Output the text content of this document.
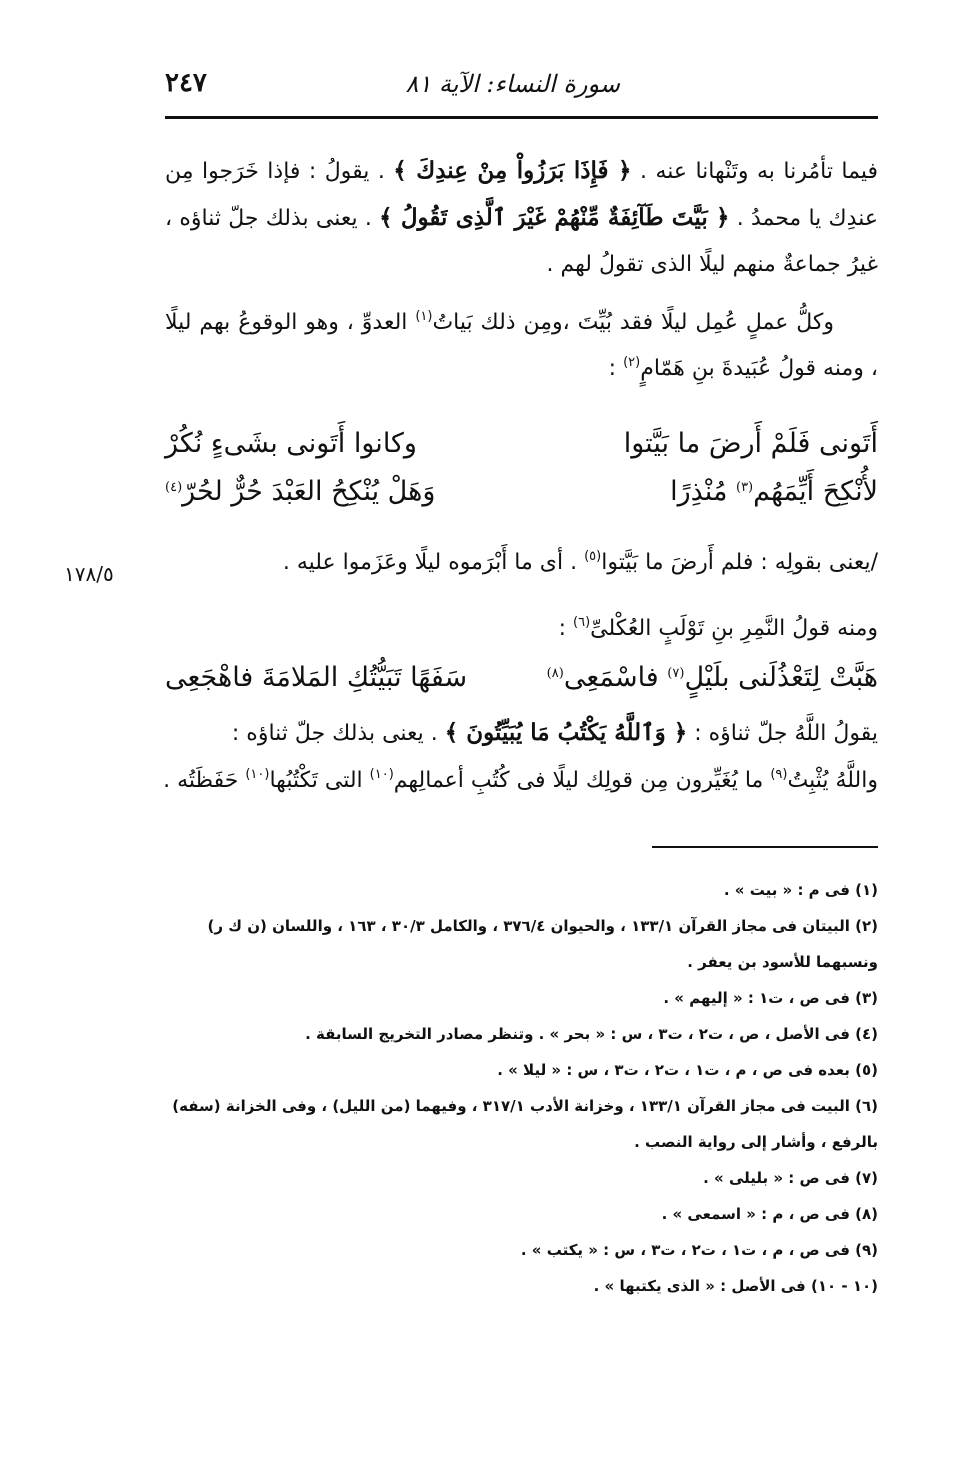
سورة النساء: الآية ٨١
٢٤٧

فيما تأمُرنا به وتَنْهانا عنه . ﴿ فَإِذَا بَرَزُواْ مِنْ عِندِكَ ﴾ . يقولُ : فإذا خَرَجوا مِن عندِك يا محمدُ . ﴿ بَيَّتَ طَآئِفَةٌ مِّنْهُمْ غَيْرَ ٱلَّذِى تَقُولُ ﴾ . يعنى بذلك جلّ ثناؤه ، غيرُ جماعةٌ منهم ليلًا الذى تقولُ لهم .

وكلُّ عملٍ عُمِل ليلًا فقد بُيِّتَ ،ومِن ذلك بَياتُ$^{(١)}$ العدوِّ ، وهو الوقوعُ بهم ليلًا ، ومنه قولُ عُبَيدةَ بنِ هَمّامٍ$^{(٢)}$ :

أَتَونى فَلَمْ أَرضَ ما بَيَّتوا
وكانوا أَتَونى بشَىءٍ نُكُرْ
لأُنْكِحَ أَيِّمَهُم$^{(٣)}$ مُنْذِرًا
وَهَلْ يُنْكِحُ العَبْدَ حُرٌّ لحُرّ$^{(٤)}$
/يعنى بقولِه : فلم أَرضَ ما بَيَّتوا$^{(٥)}$ . أى ما أَبْرَموه ليلًا وعَزَموا عليه .
١٧٨/٥
ومنه قولُ النَّمِرِ بنِ تَوْلَبٍ العُكْلىِّ$^{(٦)}$ :
هَبَّتْ لِتَعْذُلَنى بلَيْلٍ$^{(٧)}$ فاسْمَعِى$^{(٨)}$
سَفَهًا تَبَيُّتُكِ المَلامَةَ فاهْجَعِى
يقولُ اللَّهُ جلّ ثناؤه : ﴿ وَٱللَّهُ يَكْتُبُ مَا يُبَيِّتُونَ ﴾ . يعنى بذلك جلّ ثناؤه :
واللَّهُ يُثْبِتُ$^{(٩)}$ ما يُغَيِّرون مِن قولِك ليلًا فى كُتُبِ أعمالِهم$^{(١٠)}$ التى تَكْتُبُها$^{(١٠)}$ حَفَظَتُه .

(١) فى م : « بيت » .

(٢) البيتان فى مجاز القرآن ١٣٣/١ ، والحيوان ٣٧٦/٤ ، والكامل ٣٠/٣ ، ١٦٣ ، واللسان (ن ك ر) ونسبهما للأسود بن يعفر .

(٣) فى ص ، ت١ : « إليهم » .

(٤) فى الأصل ، ص ، ت٢ ، ت٣ ، س : « بحر » . وتنظر مصادر التخريج السابقة .

(٥) بعده فى ص ، م ، ت١ ، ت٢ ، ت٣ ، س : « ليلا » .

(٦) البيت فى مجاز القرآن ١٣٣/١ ، وخزانة الأدب ٣١٧/١ ، وفيهما (من الليل) ، وفى الخزانة (سفه) بالرفع ، وأشار إلى رواية النصب .

(٧) فى ص : « بليلى » .

(٨) فى ص ، م : « اسمعى » .

(٩) فى ص ، م ، ت١ ، ت٢ ، ت٣ ، س : « يكتب » .

(١٠ - ١٠) فى الأصل : « الذى يكتبها » .
